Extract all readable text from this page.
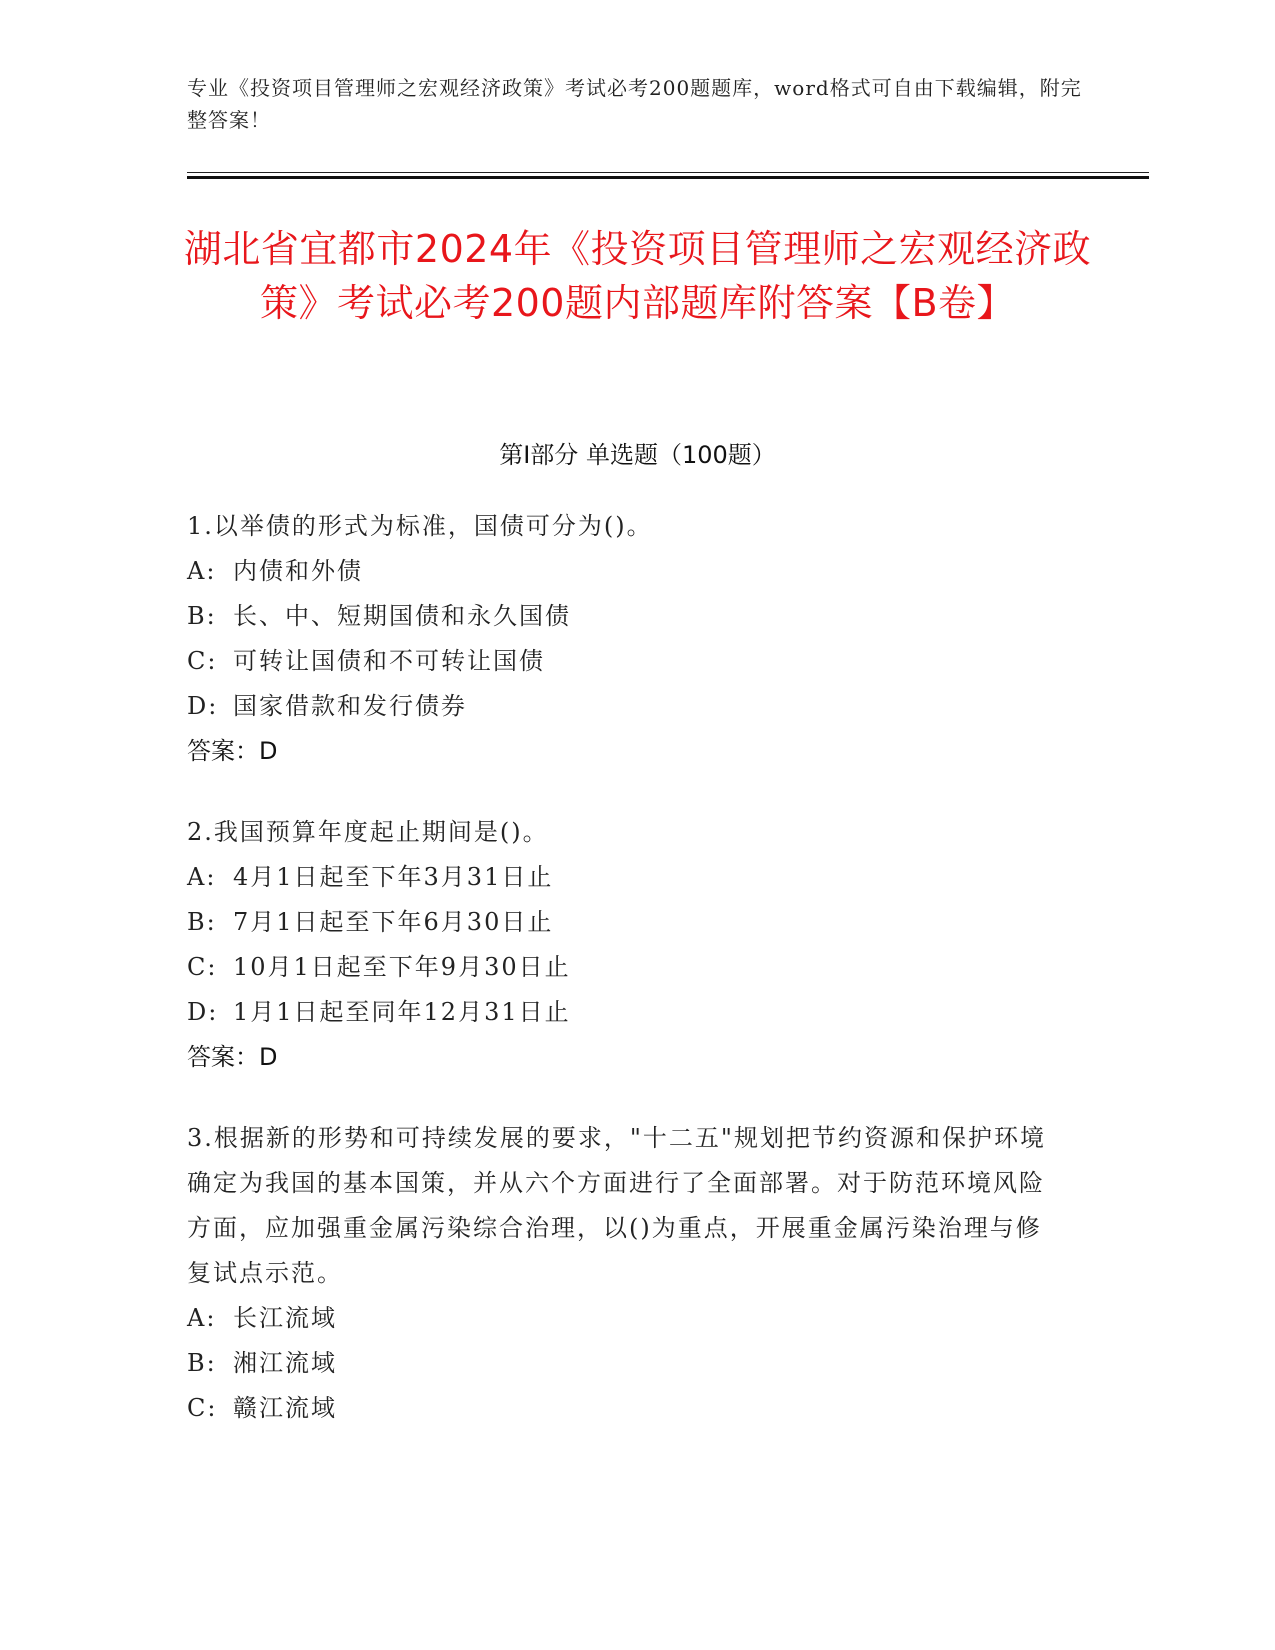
专业《投资项目管理师之宏观经济政策》考试必考200题题库，word格式可自由下载编辑，附完整答案！
湖北省宜都市2024年《投资项目管理师之宏观经济政策》考试必考200题内部题库附答案【B卷】
第Ⅰ部分 单选题（100题）

1.以举债的形式为标准，国债可分为()。

A: 内债和外债

B: 长、中、短期国债和永久国债

C: 可转让国债和不可转让国债

D: 国家借款和发行债券

答案：D

2.我国预算年度起止期间是()。

A: 4月1日起至下年3月31日止

B: 7月1日起至下年6月30日止

C: 10月1日起至下年9月30日止

D: 1月1日起至同年12月31日止

答案：D

3.根据新的形势和可持续发展的要求，"十二五"规划把节约资源和保护环境确定为我国的基本国策，并从六个方面进行了全面部署。对于防范环境风险方面，应加强重金属污染综合治理，以()为重点，开展重金属污染治理与修复试点示范。

A: 长江流域

B: 湘江流域

C: 赣江流域
